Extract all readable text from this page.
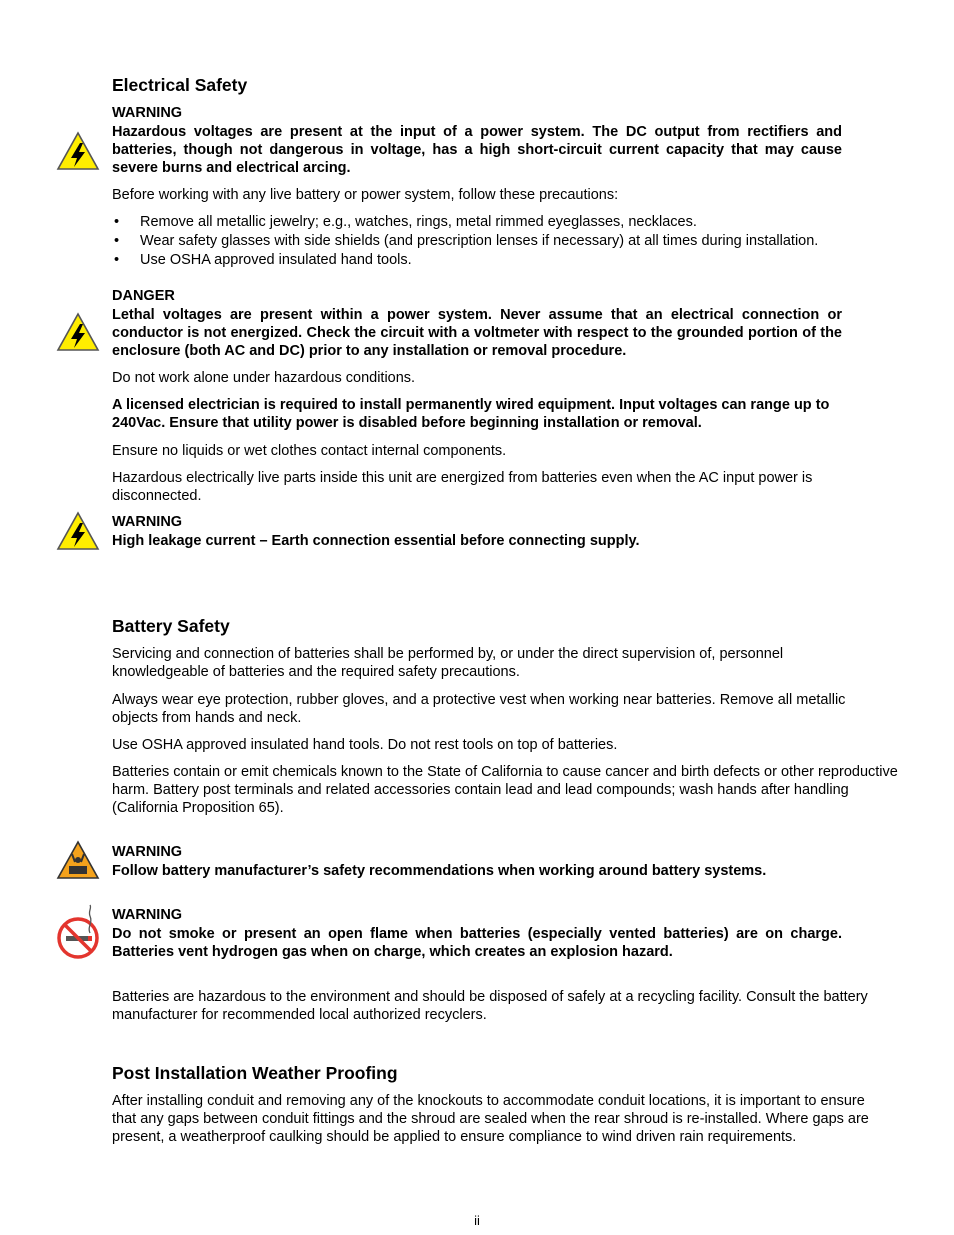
Electrical Safety
WARNING
Hazardous voltages are present at the input of a power system. The DC output from rectifiers and batteries, though not dangerous in voltage, has a high short-circuit current capacity that may cause severe burns and electrical arcing.
Before working with any live battery or power system, follow these precautions:
• Remove all metallic jewelry; e.g., watches, rings, metal rimmed eyeglasses, necklaces.
• Wear safety glasses with side shields (and prescription lenses if necessary) at all times during installation.
• Use OSHA approved insulated hand tools.
DANGER
Lethal voltages are present within a power system. Never assume that an electrical connection or conductor is not energized. Check the circuit with a voltmeter with respect to the grounded portion of the enclosure (both AC and DC) prior to any installation or removal procedure.
Do not work alone under hazardous conditions.
A licensed electrician is required to install permanently wired equipment. Input voltages can range up to 240Vac. Ensure that utility power is disabled before beginning installation or removal.
Ensure no liquids or wet clothes contact internal components.
Hazardous electrically live parts inside this unit are energized from batteries even when the AC input power is disconnected.
WARNING
High leakage current – Earth connection essential before connecting supply.
Battery Safety
Servicing and connection of batteries shall be performed by, or under the direct supervision of, personnel knowledgeable of batteries and the required safety precautions.
Always wear eye protection, rubber gloves, and a protective vest when working near batteries. Remove all metallic objects from hands and neck.
Use OSHA approved insulated hand tools. Do not rest tools on top of batteries.
Batteries contain or emit chemicals known to the State of California to cause cancer and birth defects or other reproductive harm. Battery post terminals and related accessories contain lead and lead compounds; wash hands after handling (California Proposition 65).
WARNING
Follow battery manufacturer’s safety recommendations when working around battery systems.
WARNING
Do not smoke or present an open flame when batteries (especially vented batteries) are on charge. Batteries vent hydrogen gas when on charge, which creates an explosion hazard.
Batteries are hazardous to the environment and should be disposed of safely at a recycling facility. Consult the battery manufacturer for recommended local authorized recyclers.
Post Installation Weather Proofing
After installing conduit and removing any of the knockouts to accommodate conduit locations, it is important to ensure that any gaps between conduit fittings and the shroud are sealed when the rear shroud is re-installed. Where gaps are present, a weatherproof caulking should be applied to ensure compliance to wind driven rain requirements.
ii
